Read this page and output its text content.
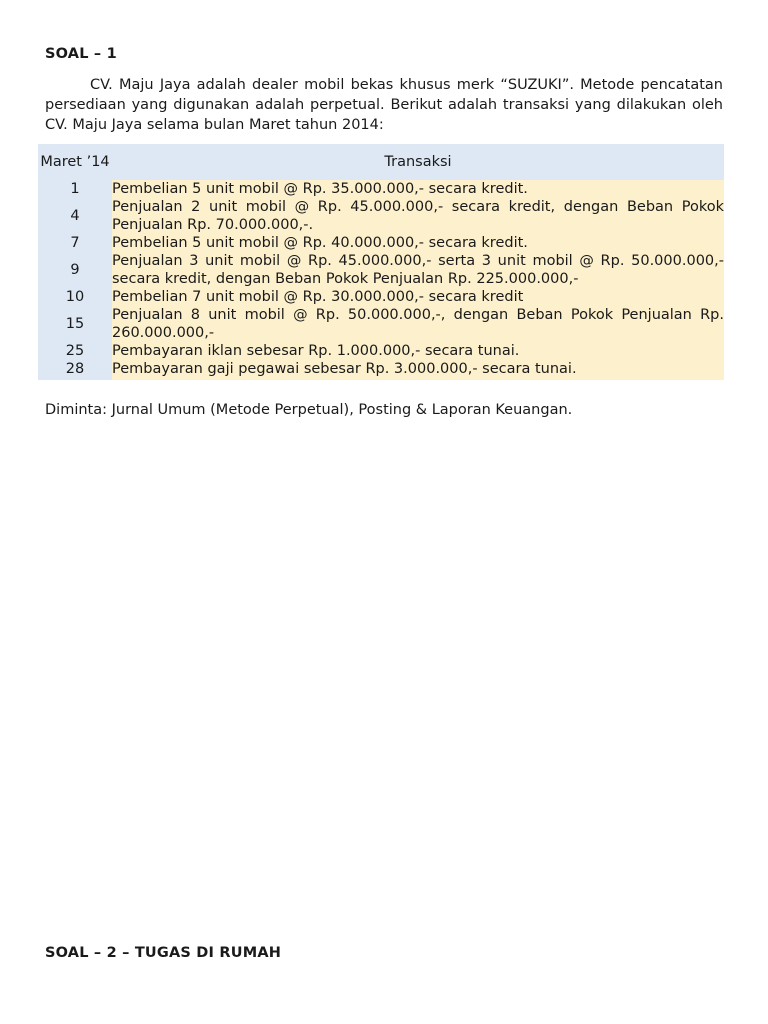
SOAL – 1

CV. Maju Jaya adalah dealer mobil bekas khusus merk “SUZUKI”. Metode pencatatan persediaan yang digunakan adalah perpetual. Berikut adalah transaksi yang dilakukan oleh CV. Maju Jaya selama bulan Maret tahun 2014:

Maret ’14	Transaksi
1	Pembelian 5 unit mobil @ Rp. 35.000.000,- secara kredit.
4	Penjualan 2 unit mobil @ Rp. 45.000.000,- secara kredit, dengan Beban Pokok Penjualan Rp. 70.000.000,-.
7	Pembelian 5 unit mobil @ Rp. 40.000.000,- secara kredit.
9	Penjualan 3 unit mobil @ Rp. 45.000.000,- serta 3 unit mobil @ Rp. 50.000.000,- secara kredit, dengan Beban Pokok Penjualan Rp. 225.000.000,-
10	Pembelian 7 unit mobil @ Rp. 30.000.000,- secara kredit
15	Penjualan 8 unit mobil @ Rp. 50.000.000,-, dengan Beban Pokok Penjualan Rp. 260.000.000,-
25	Pembayaran iklan sebesar Rp. 1.000.000,- secara tunai.
28	Pembayaran gaji pegawai sebesar Rp. 3.000.000,- secara tunai.
Diminta: Jurnal Umum (Metode Perpetual), Posting & Laporan Keuangan.
SOAL – 2 – TUGAS DI RUMAH
